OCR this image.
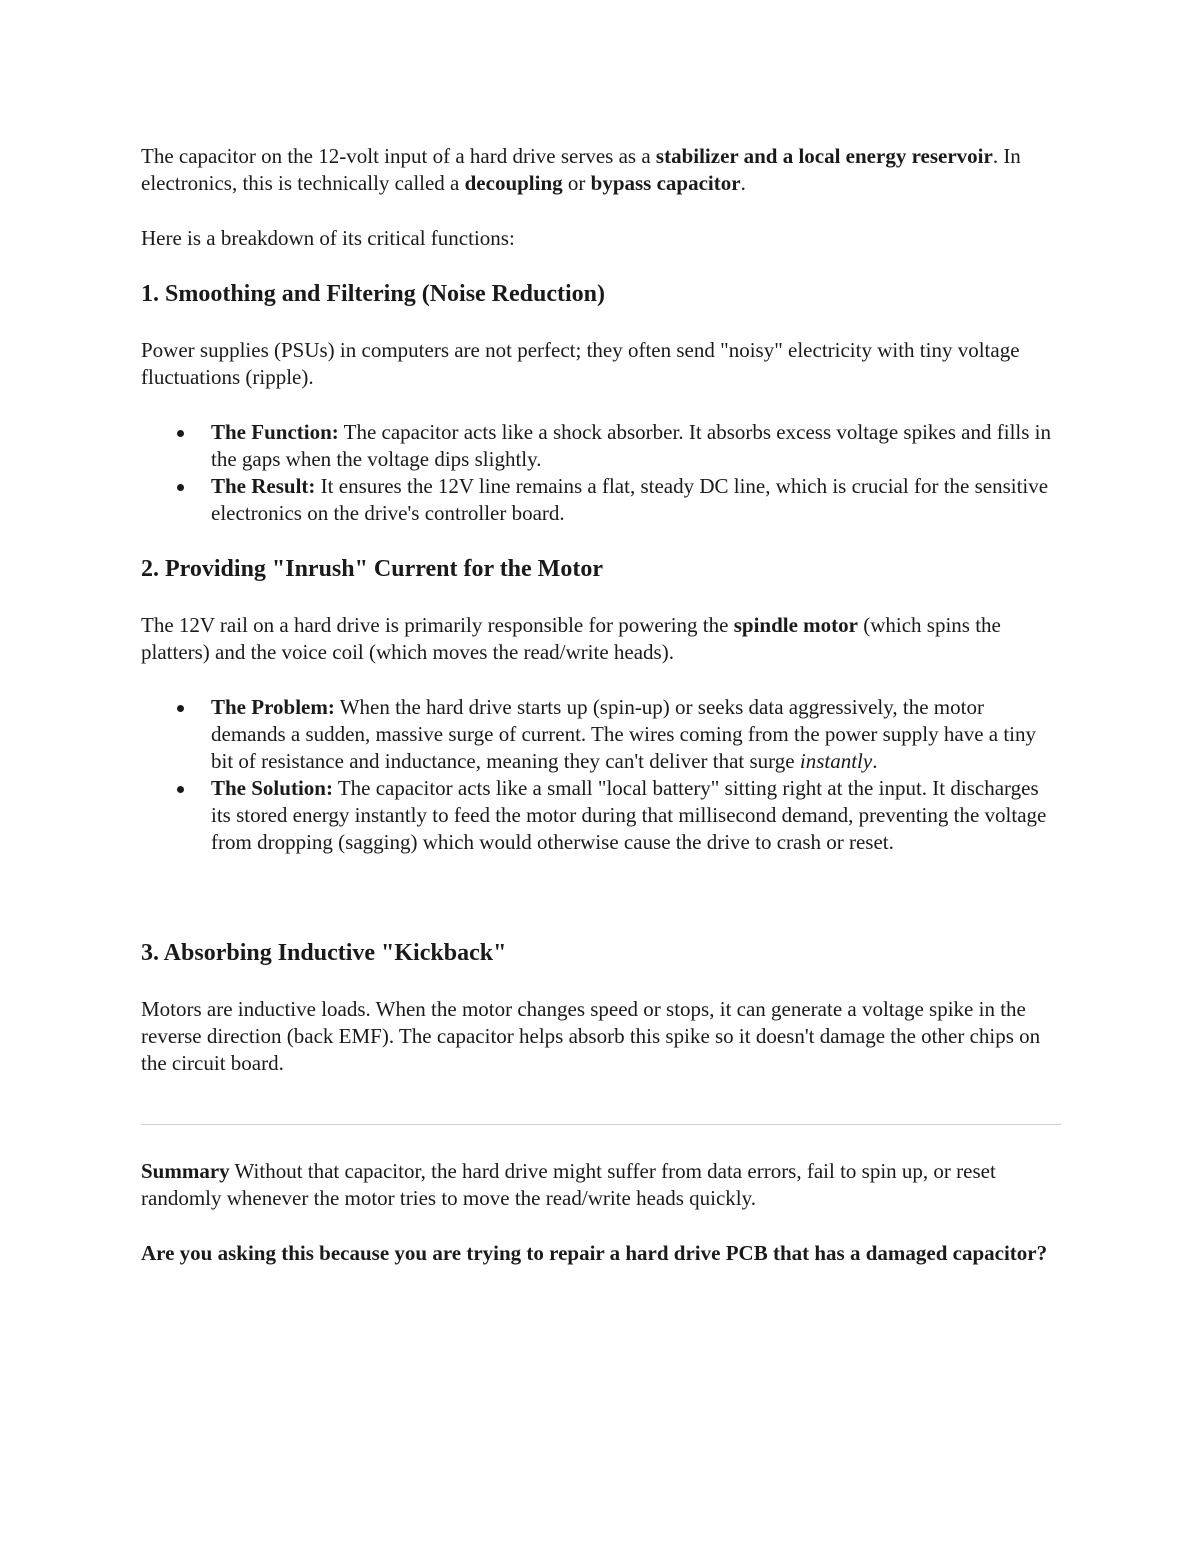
The capacitor on the 12-volt input of a hard drive serves as a stabilizer and a local energy reservoir. In electronics, this is technically called a decoupling or bypass capacitor.

Here is a breakdown of its critical functions:

1. Smoothing and Filtering (Noise Reduction)

Power supplies (PSUs) in computers are not perfect; they often send "noisy" electricity with tiny voltage fluctuations (ripple).

The Function: The capacitor acts like a shock absorber. It absorbs excess voltage spikes and fills in the gaps when the voltage dips slightly.
The Result: It ensures the 12V line remains a flat, steady DC line, which is crucial for the sensitive electronics on the drive's controller board.
2. Providing "Inrush" Current for the Motor

The 12V rail on a hard drive is primarily responsible for powering the spindle motor (which spins the platters) and the voice coil (which moves the read/write heads).

The Problem: When the hard drive starts up (spin-up) or seeks data aggressively, the motor demands a sudden, massive surge of current. The wires coming from the power supply have a tiny bit of resistance and inductance, meaning they can't deliver that surge instantly.
The Solution: The capacitor acts like a small "local battery" sitting right at the input. It discharges its stored energy instantly to feed the motor during that millisecond demand, preventing the voltage from dropping (sagging) which would otherwise cause the drive to crash or reset.
3. Absorbing Inductive "Kickback"

Motors are inductive loads. When the motor changes speed or stops, it can generate a voltage spike in the reverse direction (back EMF). The capacitor helps absorb this spike so it doesn't damage the other chips on the circuit board.

Summary Without that capacitor, the hard drive might suffer from data errors, fail to spin up, or reset randomly whenever the motor tries to move the read/write heads quickly.

Are you asking this because you are trying to repair a hard drive PCB that has a damaged capacitor?
